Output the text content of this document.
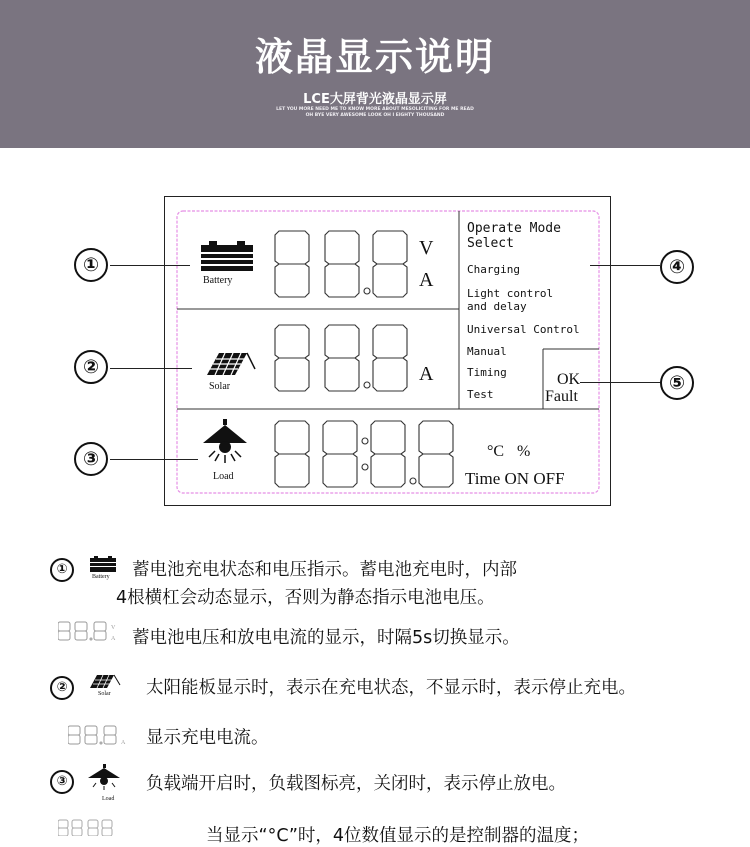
液晶显示说明
LCE大屏背光液晶显示屏
LET YOU MORE NEED ME TO KNOW MORE ABOUT MESOLICITING FOR ME READ
OH BYE VERY AWESOME LOOK OH I EIGHTY THOUSAND
Battery
Solar
Load
V
A
A
°C %
Time ON OFF
Operate Mode
Select
Charging
Light control
and delay
Universal Control
Manual
Timing
Test
OK
Fault
①
②
③
④
⑤
①	Battery 蓄电池充电状态和电压指示。蓄电池充电时，内部
4根横杠会动态显示，否则为静态指示电池电压。
V
A 蓄电池电压和放电电流的显示，时隔5s切换显示。
②	Solar 太阳能板显示时，表示在充电状态，不显示时，表示停止充电。
A 显示充电电流。
③
Load
负载端开启时，负载图标亮，关闭时，表示停止放电。
当显示“°C”时，4位数值显示的是控制器的温度；
